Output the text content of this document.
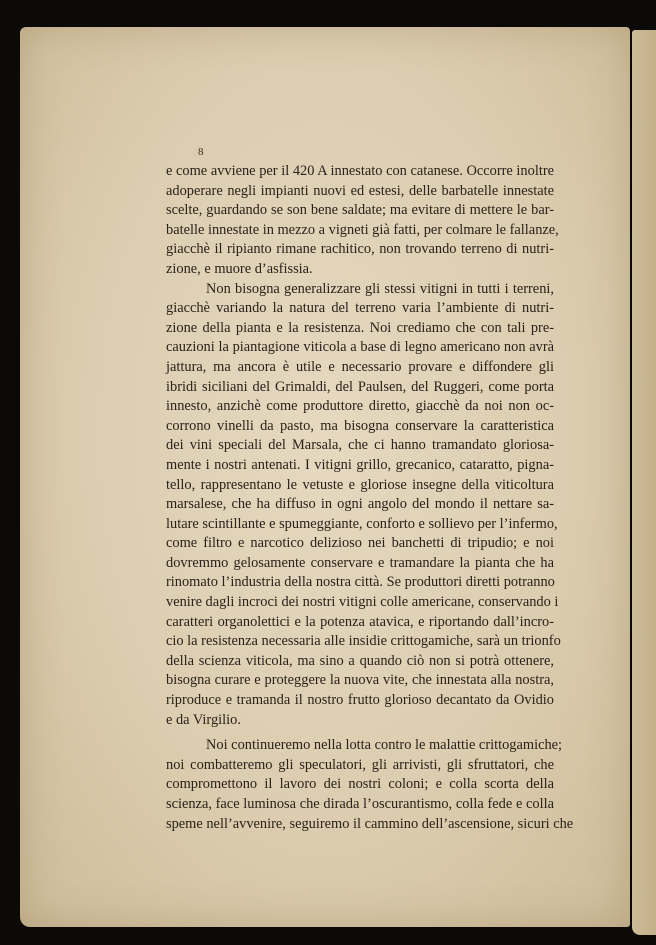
8
e come avviene per il 420 A innestato con catanese. Occorre inoltre
adoperare negli impianti nuovi ed estesi, delle barbatelle innestate
scelte, guardando se son bene saldate; ma evitare di mettere le bar-
batelle innestate in mezzo a vigneti già fatti, per colmare le fallanze,
giacchè il ripianto rimane rachitico, non trovando terreno di nutri-
zione, e muore d’asfissia.
Non bisogna generalizzare gli stessi vitigni in tutti i terreni,
giacchè variando la natura del terreno varia l’ambiente di nutri-
zione della pianta e la resistenza. Noi crediamo che con tali pre-
cauzioni la piantagione viticola a base di legno americano non avrà
jattura, ma ancora è utile e necessario provare e diffondere gli
ibridi siciliani del Grimaldi, del Paulsen, del Ruggeri, come porta
innesto, anzichè come produttore diretto, giacchè da noi non oc-
corrono vinelli da pasto, ma bisogna conservare la caratteristica
dei vini speciali del Marsala, che ci hanno tramandato gloriosa-
mente i nostri antenati. I vitigni grillo, grecanico, cataratto, pigna-
tello, rappresentano le vetuste e gloriose insegne della viticoltura
marsalese, che ha diffuso in ogni angolo del mondo il nettare sa-
lutare scintillante e spumeggiante, conforto e sollievo per l’infermo,
come filtro e narcotico delizioso nei banchetti di tripudio; e noi
dovremmo gelosamente conservare e tramandare la pianta che ha
rinomato l’industria della nostra città. Se produttori diretti potranno
venire dagli incroci dei nostri vitigni colle americane, conservando i
caratteri organolettici e la potenza atavica, e riportando dall’incro-
cio la resistenza necessaria alle insidie crittogamiche, sarà un trionfo
della scienza viticola, ma sino a quando ciò non si potrà ottenere,
bisogna curare e proteggere la nuova vite, che innestata alla nostra,
riproduce e tramanda il nostro frutto glorioso decantato da Ovidio
e da Virgilio.
Noi continueremo nella lotta contro le malattie crittogamiche;
noi combatteremo gli speculatori, gli arrivisti, gli sfruttatori, che
compromettono il lavoro dei nostri coloni; e colla scorta della
scienza, face luminosa che dirada l’oscurantismo, colla fede e colla
speme nell’avvenire, seguiremo il cammino dell’ascensione, sicuri che
